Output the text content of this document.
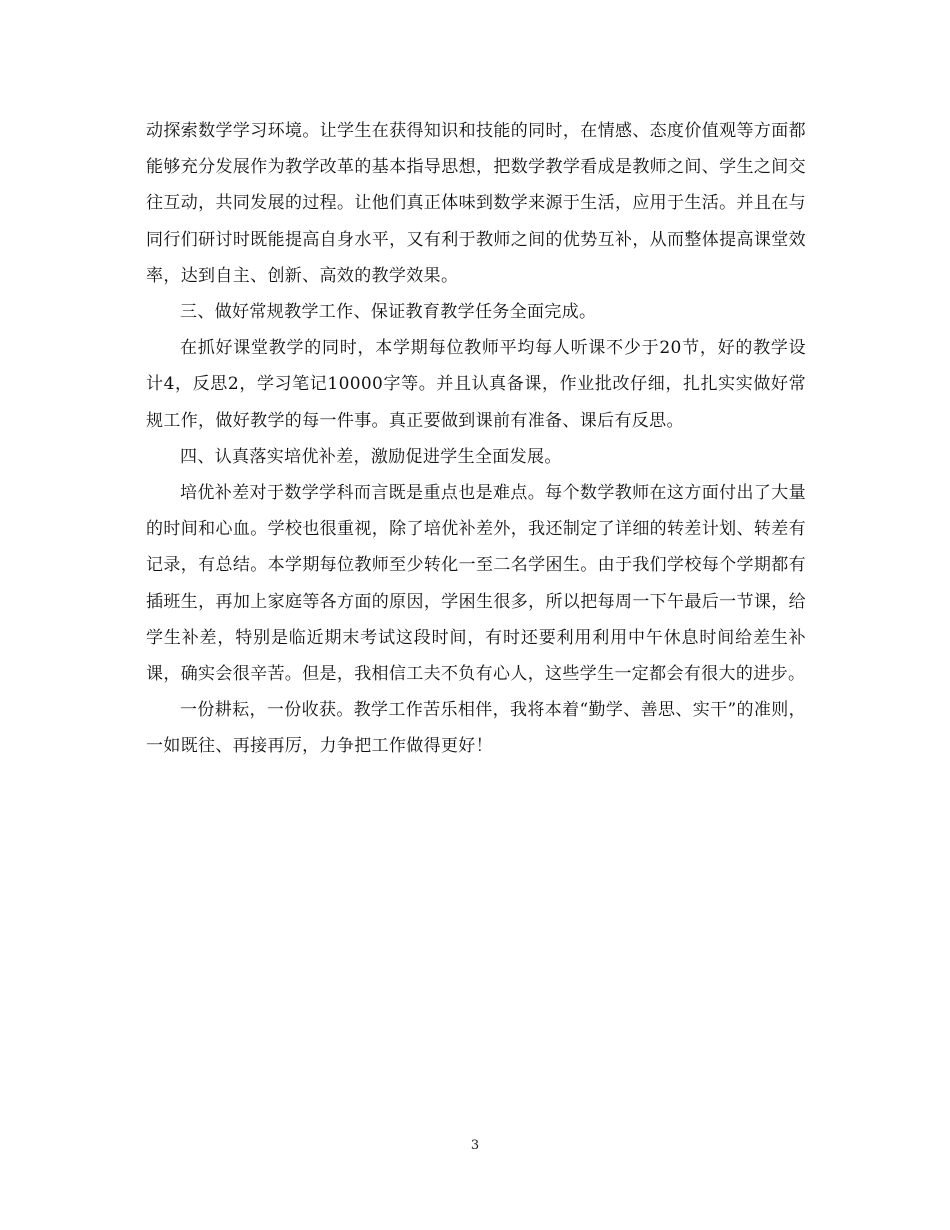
动探索数学学习环境。让学生在获得知识和技能的同时，在情感、态度价值观等方面都能够充分发展作为教学改革的基本指导思想，把数学教学看成是教师之间、学生之间交往互动，共同发展的过程。让他们真正体味到数学来源于生活，应用于生活。并且在与同行们研讨时既能提高自身水平，又有利于教师之间的优势互补，从而整体提高课堂效率，达到自主、创新、高效的教学效果。

三、做好常规教学工作、保证教育教学任务全面完成。

在抓好课堂教学的同时，本学期每位教师平均每人听课不少于20节，好的教学设计4，反思2，学习笔记10000字等。并且认真备课，作业批改仔细，扎扎实实做好常规工作，做好教学的每一件事。真正要做到课前有准备、课后有反思。

四、认真落实培优补差，激励促进学生全面发展。

培优补差对于数学学科而言既是重点也是难点。每个数学教师在这方面付出了大量的时间和心血。学校也很重视，除了培优补差外，我还制定了详细的转差计划、转差有记录，有总结。本学期每位教师至少转化一至二名学困生。由于我们学校每个学期都有插班生，再加上家庭等各方面的原因，学困生很多，所以把每周一下午最后一节课，给学生补差，特别是临近期末考试这段时间，有时还要利用利用中午休息时间给差生补课，确实会很辛苦。但是，我相信工夫不负有心人，这些学生一定都会有很大的进步。

一份耕耘，一份收获。教学工作苦乐相伴，我将本着“勤学、善思、实干”的准则，一如既往、再接再厉，力争把工作做得更好！

3
